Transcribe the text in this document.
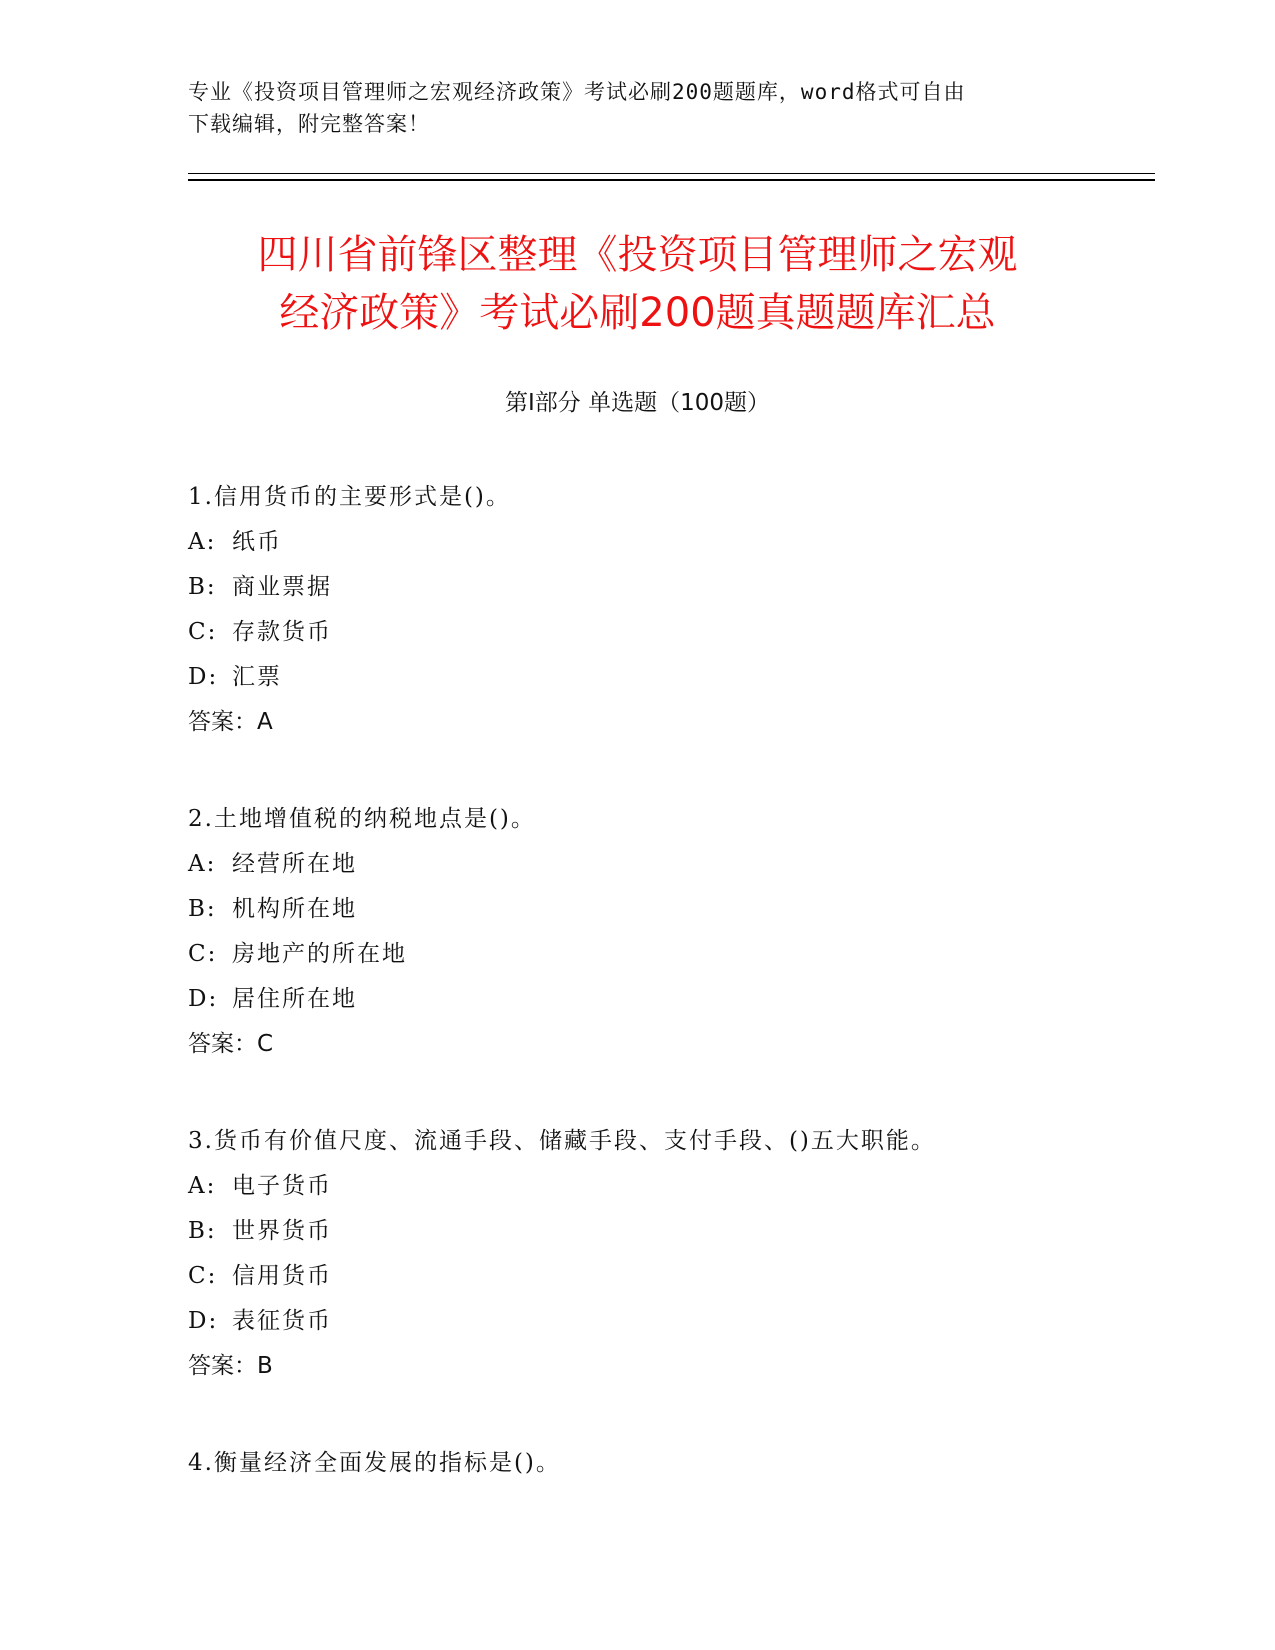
专业《投资项目管理师之宏观经济政策》考试必刷200题题库，word格式可自由
下载编辑，附完整答案！
四川省前锋区整理《投资项目管理师之宏观
经济政策》考试必刷200题真题题库汇总
第Ⅰ部分 单选题（100题）
1.信用货币的主要形式是()。
A: 纸币
B: 商业票据
C: 存款货币
D: 汇票
答案：A
2.土地增值税的纳税地点是()。
A: 经营所在地
B: 机构所在地
C: 房地产的所在地
D: 居住所在地
答案：C
3.货币有价值尺度、流通手段、储藏手段、支付手段、()五大职能。
A: 电子货币
B: 世界货币
C: 信用货币
D: 表征货币
答案：B
4.衡量经济全面发展的指标是()。
